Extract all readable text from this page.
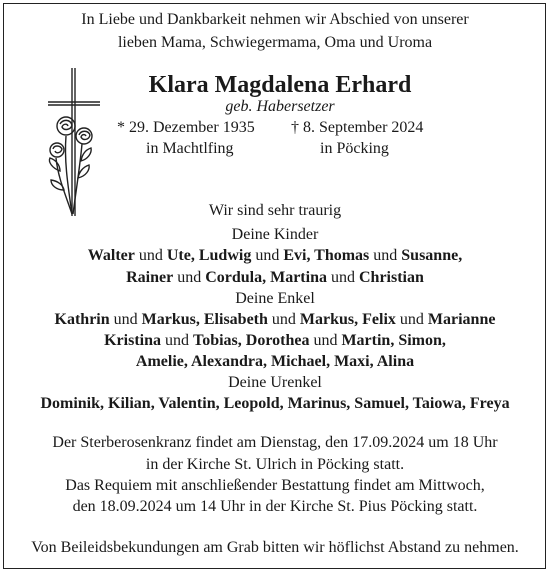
In Liebe und Dankbarkeit nehmen wir Abschied von unserer
lieben Mama, Schwiegermama, Oma und Uroma
Klara Magdalena Erhard
geb. Habersetzer
* 29. Dezember 1935
in Machtlfing
† 8. September 2024
in Pöcking
Wir sind sehr traurig
Deine Kinder
Walter und Ute, Ludwig und Evi, Thomas und Susanne,
Rainer und Cordula, Martina und Christian
Deine Enkel
Kathrin und Markus, Elisabeth und Markus, Felix und Marianne
Kristina und Tobias, Dorothea und Martin, Simon,
Amelie, Alexandra, Michael, Maxi, Alina
Deine Urenkel
Dominik, Kilian, Valentin, Leopold, Marinus, Samuel, Taiowa, Freya
Der Sterberosenkranz findet am Dienstag, den 17.09.2024 um 18 Uhr
in der Kirche St. Ulrich in Pöcking statt.
Das Requiem mit anschließender Bestattung findet am Mittwoch,
den 18.09.2024 um 14 Uhr in der Kirche St. Pius Pöcking statt.
Von Beileidsbekundungen am Grab bitten wir höflichst Abstand zu nehmen.
